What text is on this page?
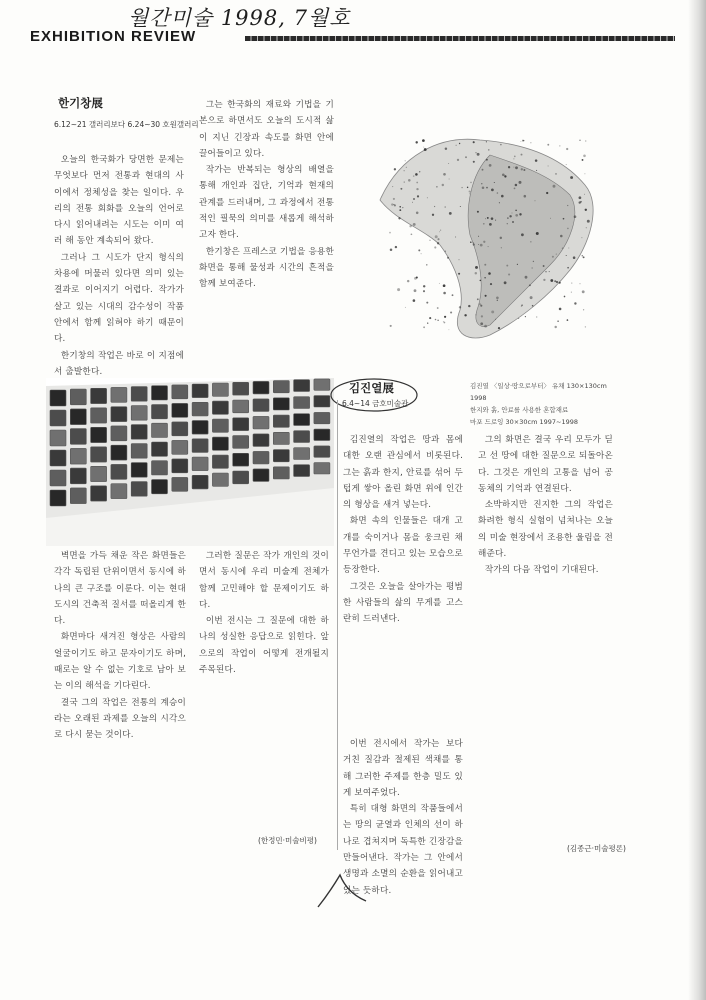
월간미술 1998, 7월호
EXHIBITION REVIEW
한기창展
6.12~21 갤러리보다 6.24~30 호원갤러리

오늘의 한국화가 당면한 문제는 무엇보다 먼저 전통과 현대의 사이에서 정체성을 찾는 일이다. 우리의 전통 회화를 오늘의 언어로 다시 읽어내려는 시도는 이미 여러 해 동안 계속되어 왔다.

그러나 그 시도가 단지 형식의 차용에 머물러 있다면 의미 있는 결과로 이어지기 어렵다. 작가가 살고 있는 시대의 감수성이 작품 안에서 함께 읽혀야 하기 때문이다.

한기창의 작업은 바로 이 지점에서 출발한다.

그는 한국화의 재료와 기법을 기본으로 하면서도 오늘의 도시적 삶이 지닌 긴장과 속도를 화면 안에 끌어들이고 있다.

작가는 반복되는 형상의 배열을 통해 개인과 집단, 기억과 현재의 관계를 드러내며, 그 과정에서 전통적인 필묵의 의미를 새롭게 해석하고자 한다.

한기창은 프레스코 기법을 응용한 화면을 통해 물성과 시간의 흔적을 함께 보여준다.

벽면을 가득 채운 작은 화면들은 각각 독립된 단위이면서 동시에 하나의 큰 구조를 이룬다. 이는 현대 도시의 건축적 질서를 떠올리게 한다.

화면마다 새겨진 형상은 사람의 얼굴이기도 하고 문자이기도 하며, 때로는 알 수 없는 기호로 남아 보는 이의 해석을 기다린다.

결국 그의 작업은 전통의 계승이라는 오래된 과제를 오늘의 시각으로 다시 묻는 것이다.

그러한 질문은 작가 개인의 것이면서 동시에 우리 미술계 전체가 함께 고민해야 할 문제이기도 하다.

이번 전시는 그 질문에 대한 하나의 성실한 응답으로 읽힌다. 앞으로의 작업이 어떻게 전개될지 주목된다.

(한정민·미술비평)
김진열展
6.4~14 금호미술관
김진열 〈일상·땅으로부터〉 유채 130×130cm
1998
한지와 흙, 안료를 사용한 혼합재료
마포 드로잉 30×30cm 1997~1998

김진열의 작업은 땅과 몸에 대한 오랜 관심에서 비롯된다. 그는 흙과 한지, 안료를 섞어 두텁게 쌓아 올린 화면 위에 인간의 형상을 새겨 넣는다.

화면 속의 인물들은 대개 고개를 숙이거나 몸을 웅크린 채 무언가를 견디고 있는 모습으로 등장한다.

그것은 오늘을 살아가는 평범한 사람들의 삶의 무게를 고스란히 드러낸다.

이번 전시에서 작가는 보다 거친 질감과 절제된 색채를 통해 그러한 주제를 한층 밀도 있게 보여주었다.

특히 대형 화면의 작품들에서는 땅의 균열과 인체의 선이 하나로 겹쳐지며 독특한 긴장감을 만들어낸다. 작가는 그 안에서 생명과 소멸의 순환을 읽어내고 있는 듯하다.

그의 화면은 결국 우리 모두가 딛고 선 땅에 대한 질문으로 되돌아온다. 그것은 개인의 고통을 넘어 공동체의 기억과 연결된다.

소박하지만 진지한 그의 작업은 화려한 형식 실험이 넘쳐나는 오늘의 미술 현장에서 조용한 울림을 전해준다.

작가의 다음 작업이 기대된다.

(김종근·미술평론)
